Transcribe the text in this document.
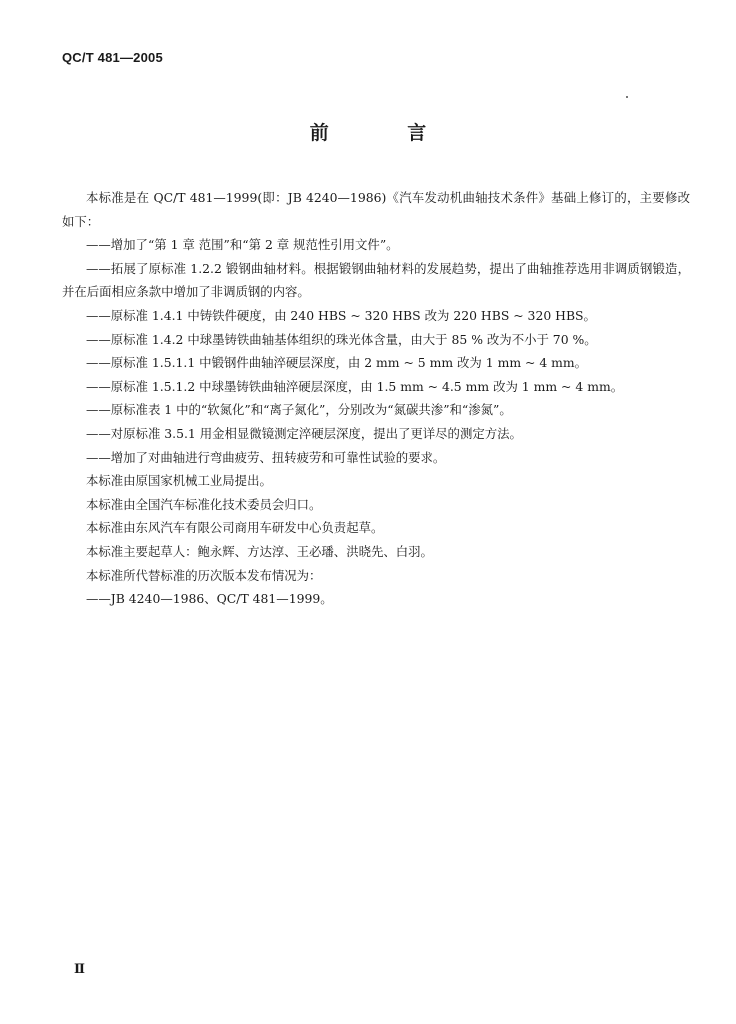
QC/T 481—2005
前 言

本标准是在 QC/T 481—1999(即：JB 4240—1986)《汽车发动机曲轴技术条件》基础上修订的，主要修改如下：

——增加了“第 1 章 范围”和“第 2 章 规范性引用文件”。

——拓展了原标准 1.2.2 锻钢曲轴材料。根据锻钢曲轴材料的发展趋势，提出了曲轴推荐选用非调质钢锻造，并在后面相应条款中增加了非调质钢的内容。

——原标准 1.4.1 中铸铁件硬度，由 240 HBS ~ 320 HBS 改为 220 HBS ~ 320 HBS。

——原标准 1.4.2 中球墨铸铁曲轴基体组织的珠光体含量，由大于 85 % 改为不小于 70 %。

——原标准 1.5.1.1 中锻钢件曲轴淬硬层深度，由 2 mm ~ 5 mm 改为 1 mm ~ 4 mm。

——原标准 1.5.1.2 中球墨铸铁曲轴淬硬层深度，由 1.5 mm ~ 4.5 mm 改为 1 mm ~ 4 mm。

——原标准表 1 中的“软氮化”和“离子氮化”，分别改为“氮碳共渗”和“渗氮”。

——对原标准 3.5.1 用金相显微镜测定淬硬层深度，提出了更详尽的测定方法。

——增加了对曲轴进行弯曲疲劳、扭转疲劳和可靠性试验的要求。

本标准由原国家机械工业局提出。

本标准由全国汽车标准化技术委员会归口。

本标准由东风汽车有限公司商用车研发中心负责起草。

本标准主要起草人：鲍永辉、方达淳、王必璠、洪晓先、白羽。

本标准所代替标准的历次版本发布情况为：

——JB 4240—1986、QC/T 481—1999。

Ⅱ
